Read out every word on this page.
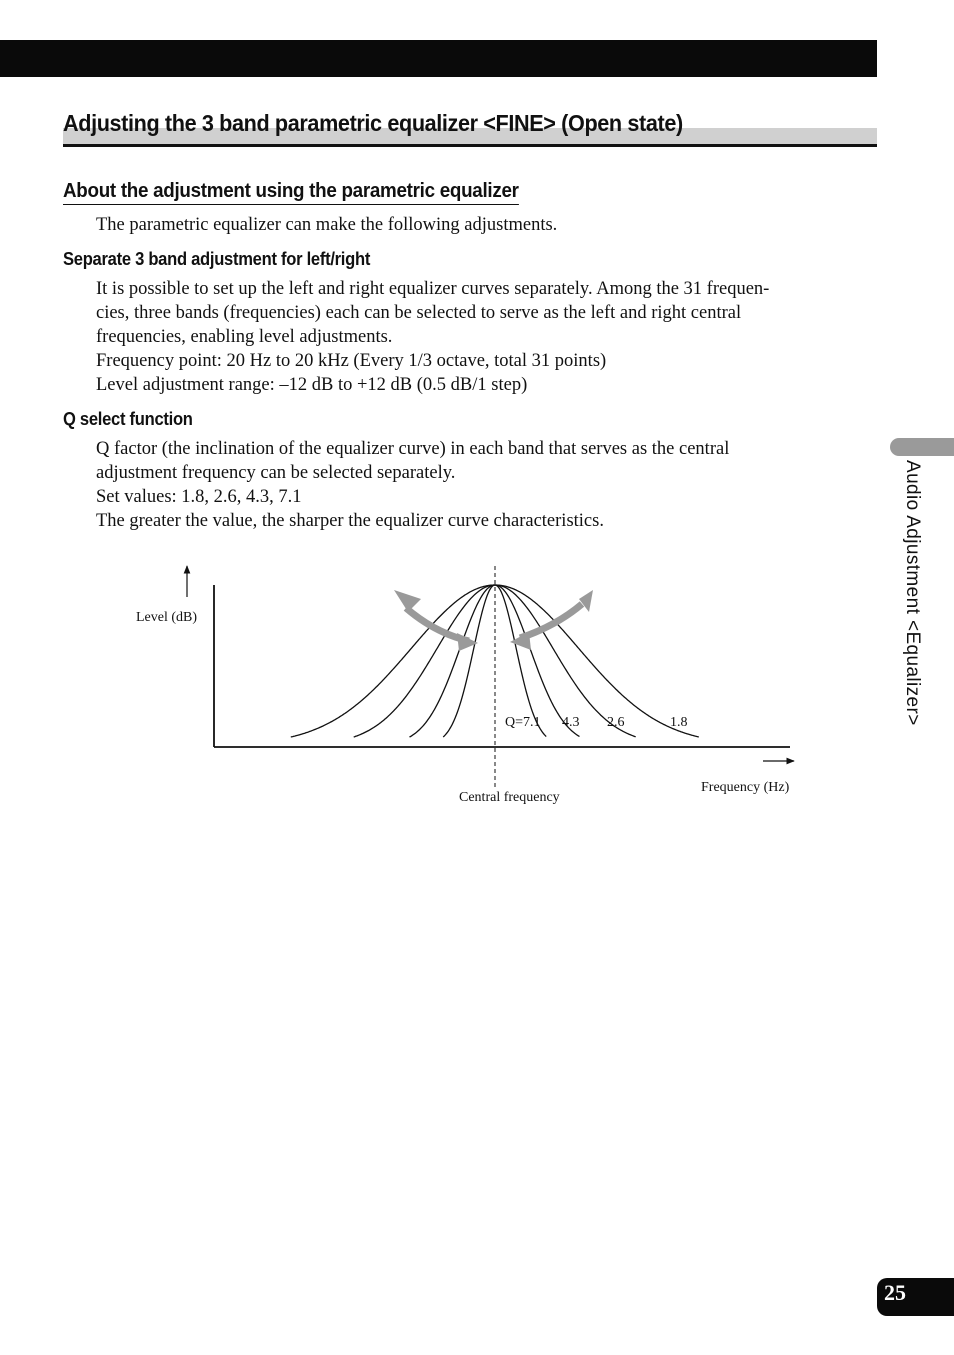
Adjusting the 3 band parametric equalizer <FINE> (Open state)
About the adjustment using the parametric equalizer

The parametric equalizer can make the following adjustments.

Separate 3 band adjustment for left/right

It is possible to set up the left and right equalizer curves separately. Among the 31 frequen-
cies, three bands (frequencies) each can be selected to serve as the left and right central
frequencies, enabling level adjustments.
Frequency point: 20 Hz to 20 kHz (Every 1/3 octave, total 31 points)
Level adjustment range: –12 dB to +12 dB (0.5 dB/1 step)

Q select function

Q factor (the inclination of the equalizer curve) in each band that serves as the central
adjustment frequency can be selected separately.
Set values: 1.8, 2.6, 4.3, 7.1
The greater the value, the sharper the equalizer curve characteristics.

Level (dB)
Frequency (Hz)
Central frequency
Q=7.1 4.3 2.6	1.8	Audio Adjustment <Equalizer>
25
